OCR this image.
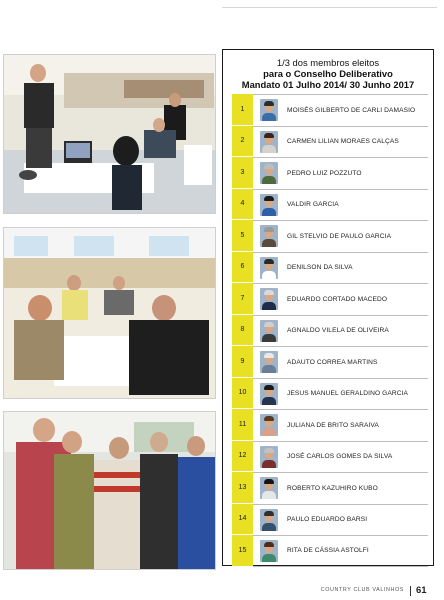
1/3 dos membros eleitos
para o Conselho Deliberativo
Mandato 01 Julho 2014/ 30 Junho 2017
1	MOISÉS GILBERTO DE CARLI DAMASIO
2	CARMEN LILIAN MORAES CALÇAS
3	PEDRO LUIZ POZZUTO
4	VALDIR GARCIA
5	GIL STELVIO DE PAULO GARCIA
6	DENILSON DA SILVA
7	EDUARDO CORTADO MACEDO
8	AGNALDO VILELA DE OLIVEIRA
9	ADAUTO CORREA MARTINS
10	JESUS MANUEL GERALDINO GARCIA
11	JULIANA DE BRITO SARAIVA
12	JOSÉ CARLOS GOMES DA SILVA
13	ROBERTO KAZUHIRO KUBO
14	PAULO EDUARDO BARSI
15	RITA DE CÁSSIA ASTOLFI
COUNTRY CLUB VALINHOS 61
